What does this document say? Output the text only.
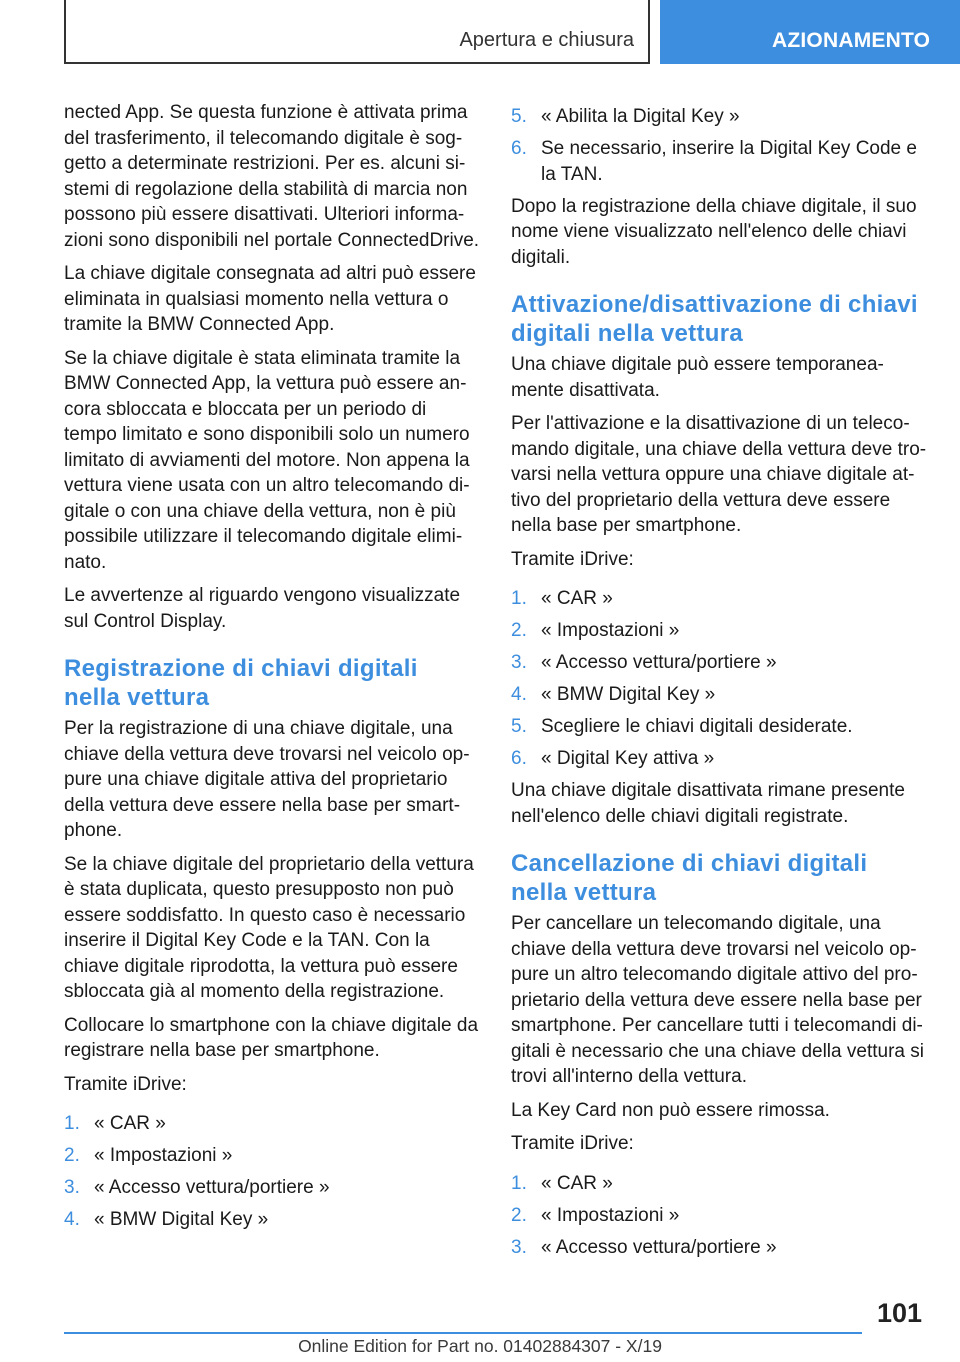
Apertura e chiusura	AZIONAMENTO

nected App. Se questa funzione è attivata prima del trasferimento, il telecomando digitale è soggetto a determinate restrizioni. Per es. alcuni sistemi di regolazione della stabilità di marcia non possono più essere disattivati. Ulteriori informazioni sono disponibili nel portale ConnectedDrive.

La chiave digitale consegnata ad altri può essere eliminata in qualsiasi momento nella vettura o tramite la BMW Connected App.

Se la chiave digitale è stata eliminata tramite la BMW Connected App, la vettura può essere ancora sbloccata e bloccata per un periodo di tempo limitato e sono disponibili solo un numero limitato di avviamenti del motore. Non appena la vettura viene usata con un altro telecomando digitale o con una chiave della vettura, non è più possibile utilizzare il telecomando digitale eliminato.

Le avvertenze al riguardo vengono visualizzate sul Control Display.

Registrazione di chiavi digitali nella vettura

Per la registrazione di una chiave digitale, una chiave della vettura deve trovarsi nel veicolo oppure una chiave digitale attiva del proprietario della vettura deve essere nella base per smartphone.

Se la chiave digitale del proprietario della vettura è stata duplicata, questo presupposto non può essere soddisfatto. In questo caso è necessario inserire il Digital Key Code e la TAN. Con la chiave digitale riprodotta, la vettura può essere sbloccata già al momento della registrazione.

Collocare lo smartphone con la chiave digitale da registrare nella base per smartphone.

Tramite iDrive:

1. « CAR »
2. « Impostazioni »
3. « Accesso vettura/portiere »
4. « BMW Digital Key »
5. « Abilita la Digital Key »
6. Se necessario, inserire la Digital Key Code e la TAN.

Dopo la registrazione della chiave digitale, il suo nome viene visualizzato nell'elenco delle chiavi digitali.

Attivazione/disattivazione di chiavi digitali nella vettura

Una chiave digitale può essere temporaneamente disattivata.

Per l'attivazione e la disattivazione di un telecomando digitale, una chiave della vettura deve trovarsi nella vettura oppure una chiave digitale attivo del proprietario della vettura deve essere nella base per smartphone.

Tramite iDrive:

1. « CAR »
2. « Impostazioni »
3. « Accesso vettura/portiere »
4. « BMW Digital Key »
5. Scegliere le chiavi digitali desiderate.
6. « Digital Key attiva »

Una chiave digitale disattivata rimane presente nell'elenco delle chiavi digitali registrate.

Cancellazione di chiavi digitali nella vettura

Per cancellare un telecomando digitale, una chiave della vettura deve trovarsi nel veicolo oppure un altro telecomando digitale attivo del proprietario della vettura deve essere nella base per smartphone. Per cancellare tutti i telecomandi digitali è necessario che una chiave della vettura si trovi all'interno della vettura.

La Key Card non può essere rimossa.

Tramite iDrive:

1. « CAR »
2. « Impostazioni »
3. « Accesso vettura/portiere »
101
Online Edition for Part no. 01402884307 - X/19
